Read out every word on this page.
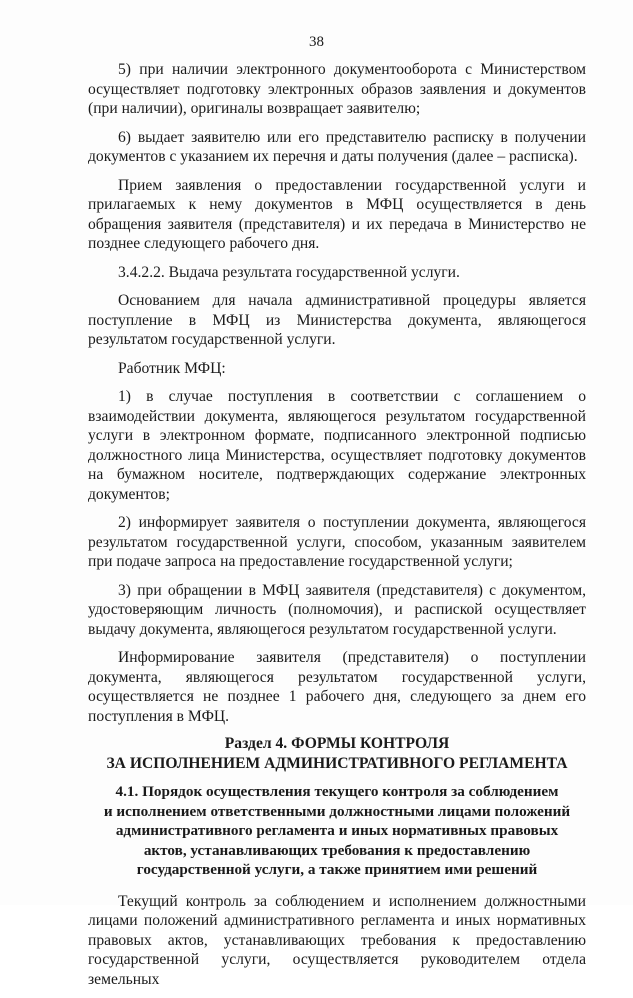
38

5) при наличии электронного документооборота с Министерством осуществляет подготовку электронных образов заявления и документов (при наличии), оригиналы возвращает заявителю;

6) выдает заявителю или его представителю расписку в получении документов с указанием их перечня и даты получения (далее – расписка).

Прием заявления о предоставлении государственной услуги и прилагаемых к нему документов в МФЦ осуществляется в день обращения заявителя (представителя) и их передача в Министерство не позднее следующего рабочего дня.

3.4.2.2. Выдача результата государственной услуги.

Основанием для начала административной процедуры является поступление в МФЦ из Министерства документа, являющегося результатом государственной услуги.

Работник МФЦ:

1) в случае поступления в соответствии с соглашением о взаимодействии документа, являющегося результатом государственной услуги в электронном формате, подписанного электронной подписью должностного лица Министерства, осуществляет подготовку документов на бумажном носителе, подтверждающих содержание электронных документов;

2) информирует заявителя о поступлении документа, являющегося результатом государственной услуги, способом, указанным заявителем при подаче запроса на предоставление государственной услуги;

3) при обращении в МФЦ заявителя (представителя) с документом, удостоверяющим личность (полномочия), и распиской осуществляет выдачу документа, являющегося результатом государственной услуги.

Информирование заявителя (представителя) о поступлении документа, являющегося результатом государственной услуги, осуществляется не позднее 1 рабочего дня, следующего за днем его поступления в МФЦ.

Раздел 4. ФОРМЫ КОНТРОЛЯ
ЗА ИСПОЛНЕНИЕМ АДМИНИСТРАТИВНОГО РЕГЛАМЕНТА
4.1. Порядок осуществления текущего контроля за соблюдением
и исполнением ответственными должностными лицами положений
административного регламента и иных нормативных правовых
актов, устанавливающих требования к предоставлению
государственной услуги, а также принятием ими решений

Текущий контроль за соблюдением и исполнением должностными лицами положений административного регламента и иных нормативных правовых актов, устанавливающих требования к предоставлению государственной услуги, осуществляется руководителем отдела земельных
